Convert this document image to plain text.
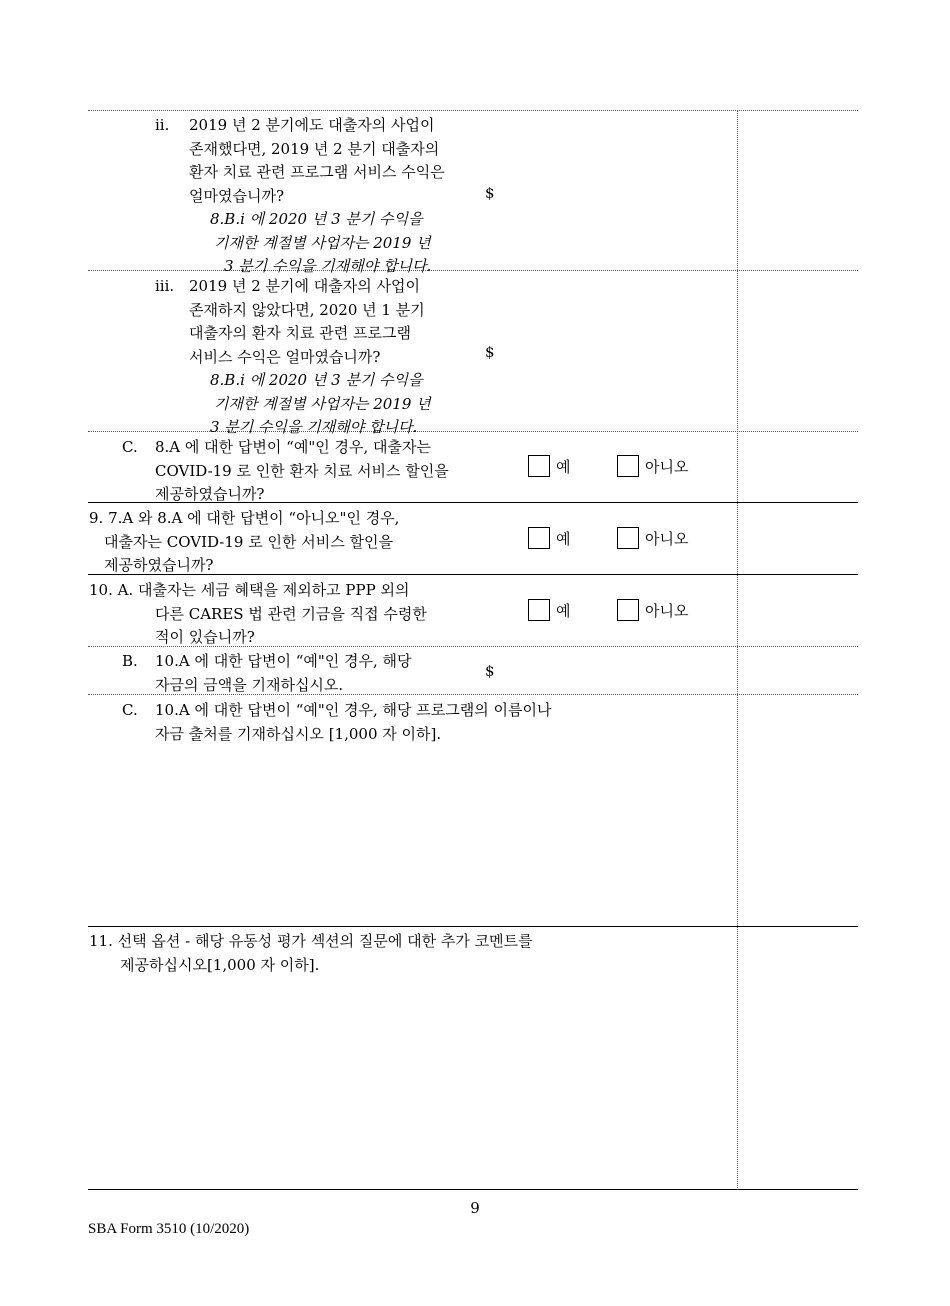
ii. 2019 년 2 분기에도 대출자의 사업이
존재했다면, 2019 년 2 분기 대출자의
환자 치료 관련 프로그램 서비스 수익은
얼마였습니까?
8.B.i 에 2020 년 3 분기 수익을
기재한 계절별 사업자는 2019 년
3 분기 수익을 기재해야 합니다.
$
iii. 2019 년 2 분기에 대출자의 사업이
존재하지 않았다면, 2020 년 1 분기
대출자의 환자 치료 관련 프로그램
서비스 수익은 얼마였습니까?
8.B.i 에 2020 년 3 분기 수익을
기재한 계절별 사업자는 2019 년
3 분기 수익을 기재해야 합니다.
$
C. 8.A 에 대한 답변이 “예"인 경우, 대출자는
COVID-19 로 인한 환자 치료 서비스 할인을
제공하였습니까?
예	아니오
9. 7.A 와 8.A 에 대한 답변이 “아니오"인 경우,
대출자는 COVID-19 로 인한 서비스 할인을
제공하였습니까?
예	아니오
10. A. 대출자는 세금 혜택을 제외하고 PPP 외의
다른 CARES 법 관련 기금을 직접 수령한
적이 있습니까?
예	아니오
B. 10.A 에 대한 답변이 “예"인 경우, 해당
자금의 금액을 기재하십시오.
$
C. 10.A 에 대한 답변이 “예"인 경우, 해당 프로그램의 이름이나
자금 출처를 기재하십시오 [1,000 자 이하].
11. 선택 옵션 - 해당 유동성 평가 섹션의 질문에 대한 추가 코멘트를
제공하십시오[1,000 자 이하].
9
SBA Form 3510 (10/2020)
